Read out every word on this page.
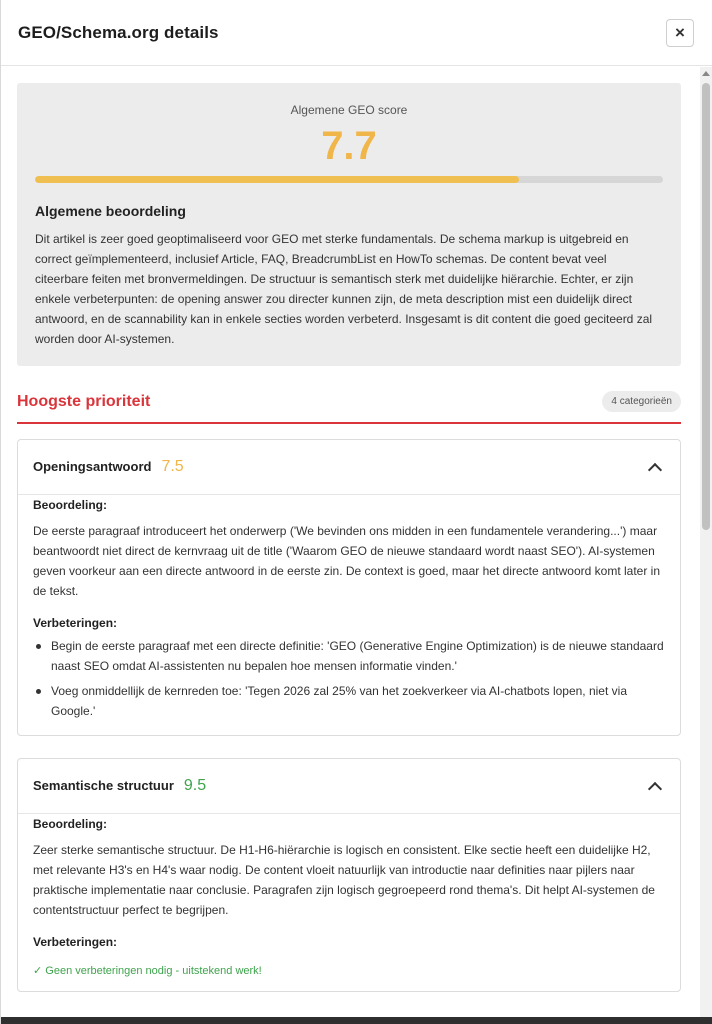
GEO/Schema.org details	×
Algemene GEO score
7.7
Algemene beoordeling
Dit artikel is zeer goed geoptimaliseerd voor GEO met sterke fundamentals. De schema markup is uitgebreid en correct geïmplementeerd, inclusief Article, FAQ, BreadcrumbList en HowTo schemas. De content bevat veel citeerbare feiten met bronvermeldingen. De structuur is semantisch sterk met duidelijke hiërarchie. Echter, er zijn enkele verbeterpunten: de opening answer zou directer kunnen zijn, de meta description mist een duidelijk direct antwoord, en de scannability kan in enkele secties worden verbeterd. Insgesamt is dit content die goed geciteerd zal worden door AI-systemen.
Hoogste prioriteit	4 categorieën
Openingsantwoord 7.5
Beoordeling:
De eerste paragraaf introduceert het onderwerp ('We bevinden ons midden in een fundamentele verandering...') maar beantwoordt niet direct de kernvraag uit de title ('Waarom GEO de nieuwe standaard wordt naast SEO'). AI-systemen geven voorkeur aan een directe antwoord in de eerste zin. De context is goed, maar het directe antwoord komt later in de tekst.
Verbeteringen:
Begin de eerste paragraaf met een directe definitie: 'GEO (Generative Engine Optimization) is de nieuwe standaard naast SEO omdat AI-assistenten nu bepalen hoe mensen informatie vinden.'
Voeg onmiddellijk de kernreden toe: 'Tegen 2026 zal 25% van het zoekverkeer via AI-chatbots lopen, niet via Google.'
Semantische structuur 9.5
Beoordeling:
Zeer sterke semantische structuur. De H1-H6-hiërarchie is logisch en consistent. Elke sectie heeft een duidelijke H2, met relevante H3's en H4's waar nodig. De content vloeit natuurlijk van introductie naar definities naar pijlers naar praktische implementatie naar conclusie. Paragrafen zijn logisch gegroepeerd rond thema's. Dit helpt AI-systemen de contentstructuur perfect te begrijpen.
Verbeteringen:
✓ Geen verbeteringen nodig - uitstekend werk!
